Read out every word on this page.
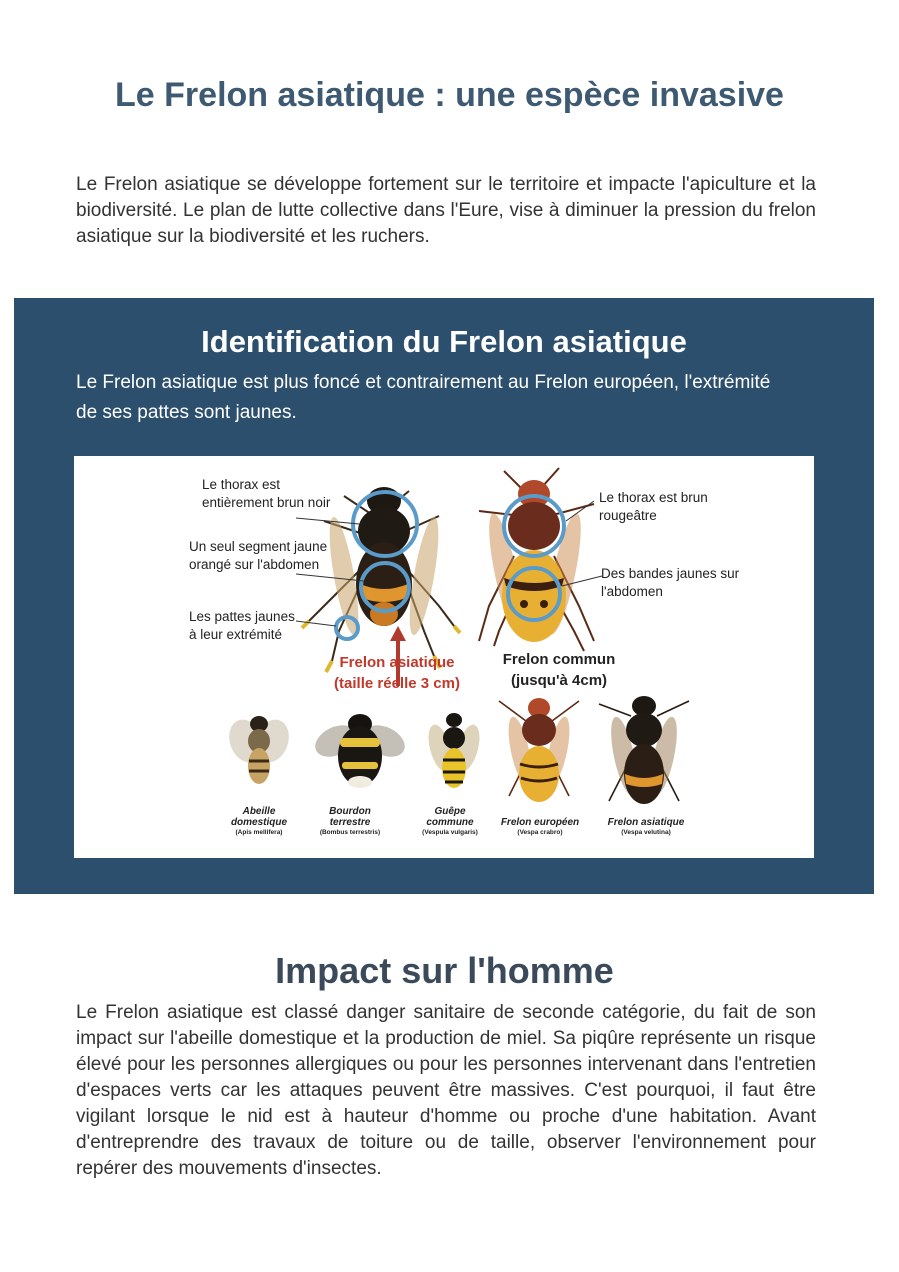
Le Frelon asiatique : une espèce invasive

Le Frelon asiatique se développe fortement sur le territoire et impacte l'apiculture et la biodiversité. Le plan de lutte collective dans l'Eure, vise à diminuer la pression du frelon asiatique sur la biodiversité et les ruchers.

Identification du Frelon asiatique

Le Frelon asiatique est plus foncé et contrairement au Frelon européen, l'extrémité de ses pattes sont jaunes.

Le thorax est
entièrement brun noir

Un seul segment jaune
orangé sur l'abdomen

Les pattes jaunes
à leur extrémité

Le thorax est brun
rougeâtre

Des bandes jaunes sur
l'abdomen

Frelon asiatique
(taille réelle 3 cm)

Frelon commun
(jusqu'à 4cm)

Abeille
domestique
(Apis mellifera)
Bourdon
terrestre
(Bombus terrestris)
Guêpe
commune
(Vespula vulgaris)
Frelon européen
(Vespa crabro)
Frelon asiatique
(Vespa velutina)
Impact sur l'homme

Le Frelon asiatique est classé danger sanitaire de seconde catégorie, du fait de son impact sur l'abeille domestique et la production de miel. Sa piqûre représente un risque élevé pour les personnes allergiques ou pour les personnes intervenant dans l'entretien d'espaces verts car les attaques peuvent être massives. C'est pourquoi, il faut être vigilant lorsque le nid est à hauteur d'homme ou proche d'une habitation. Avant d'entreprendre des travaux de toiture ou de taille, observer l'environnement pour repérer des mouvements d'insectes.
